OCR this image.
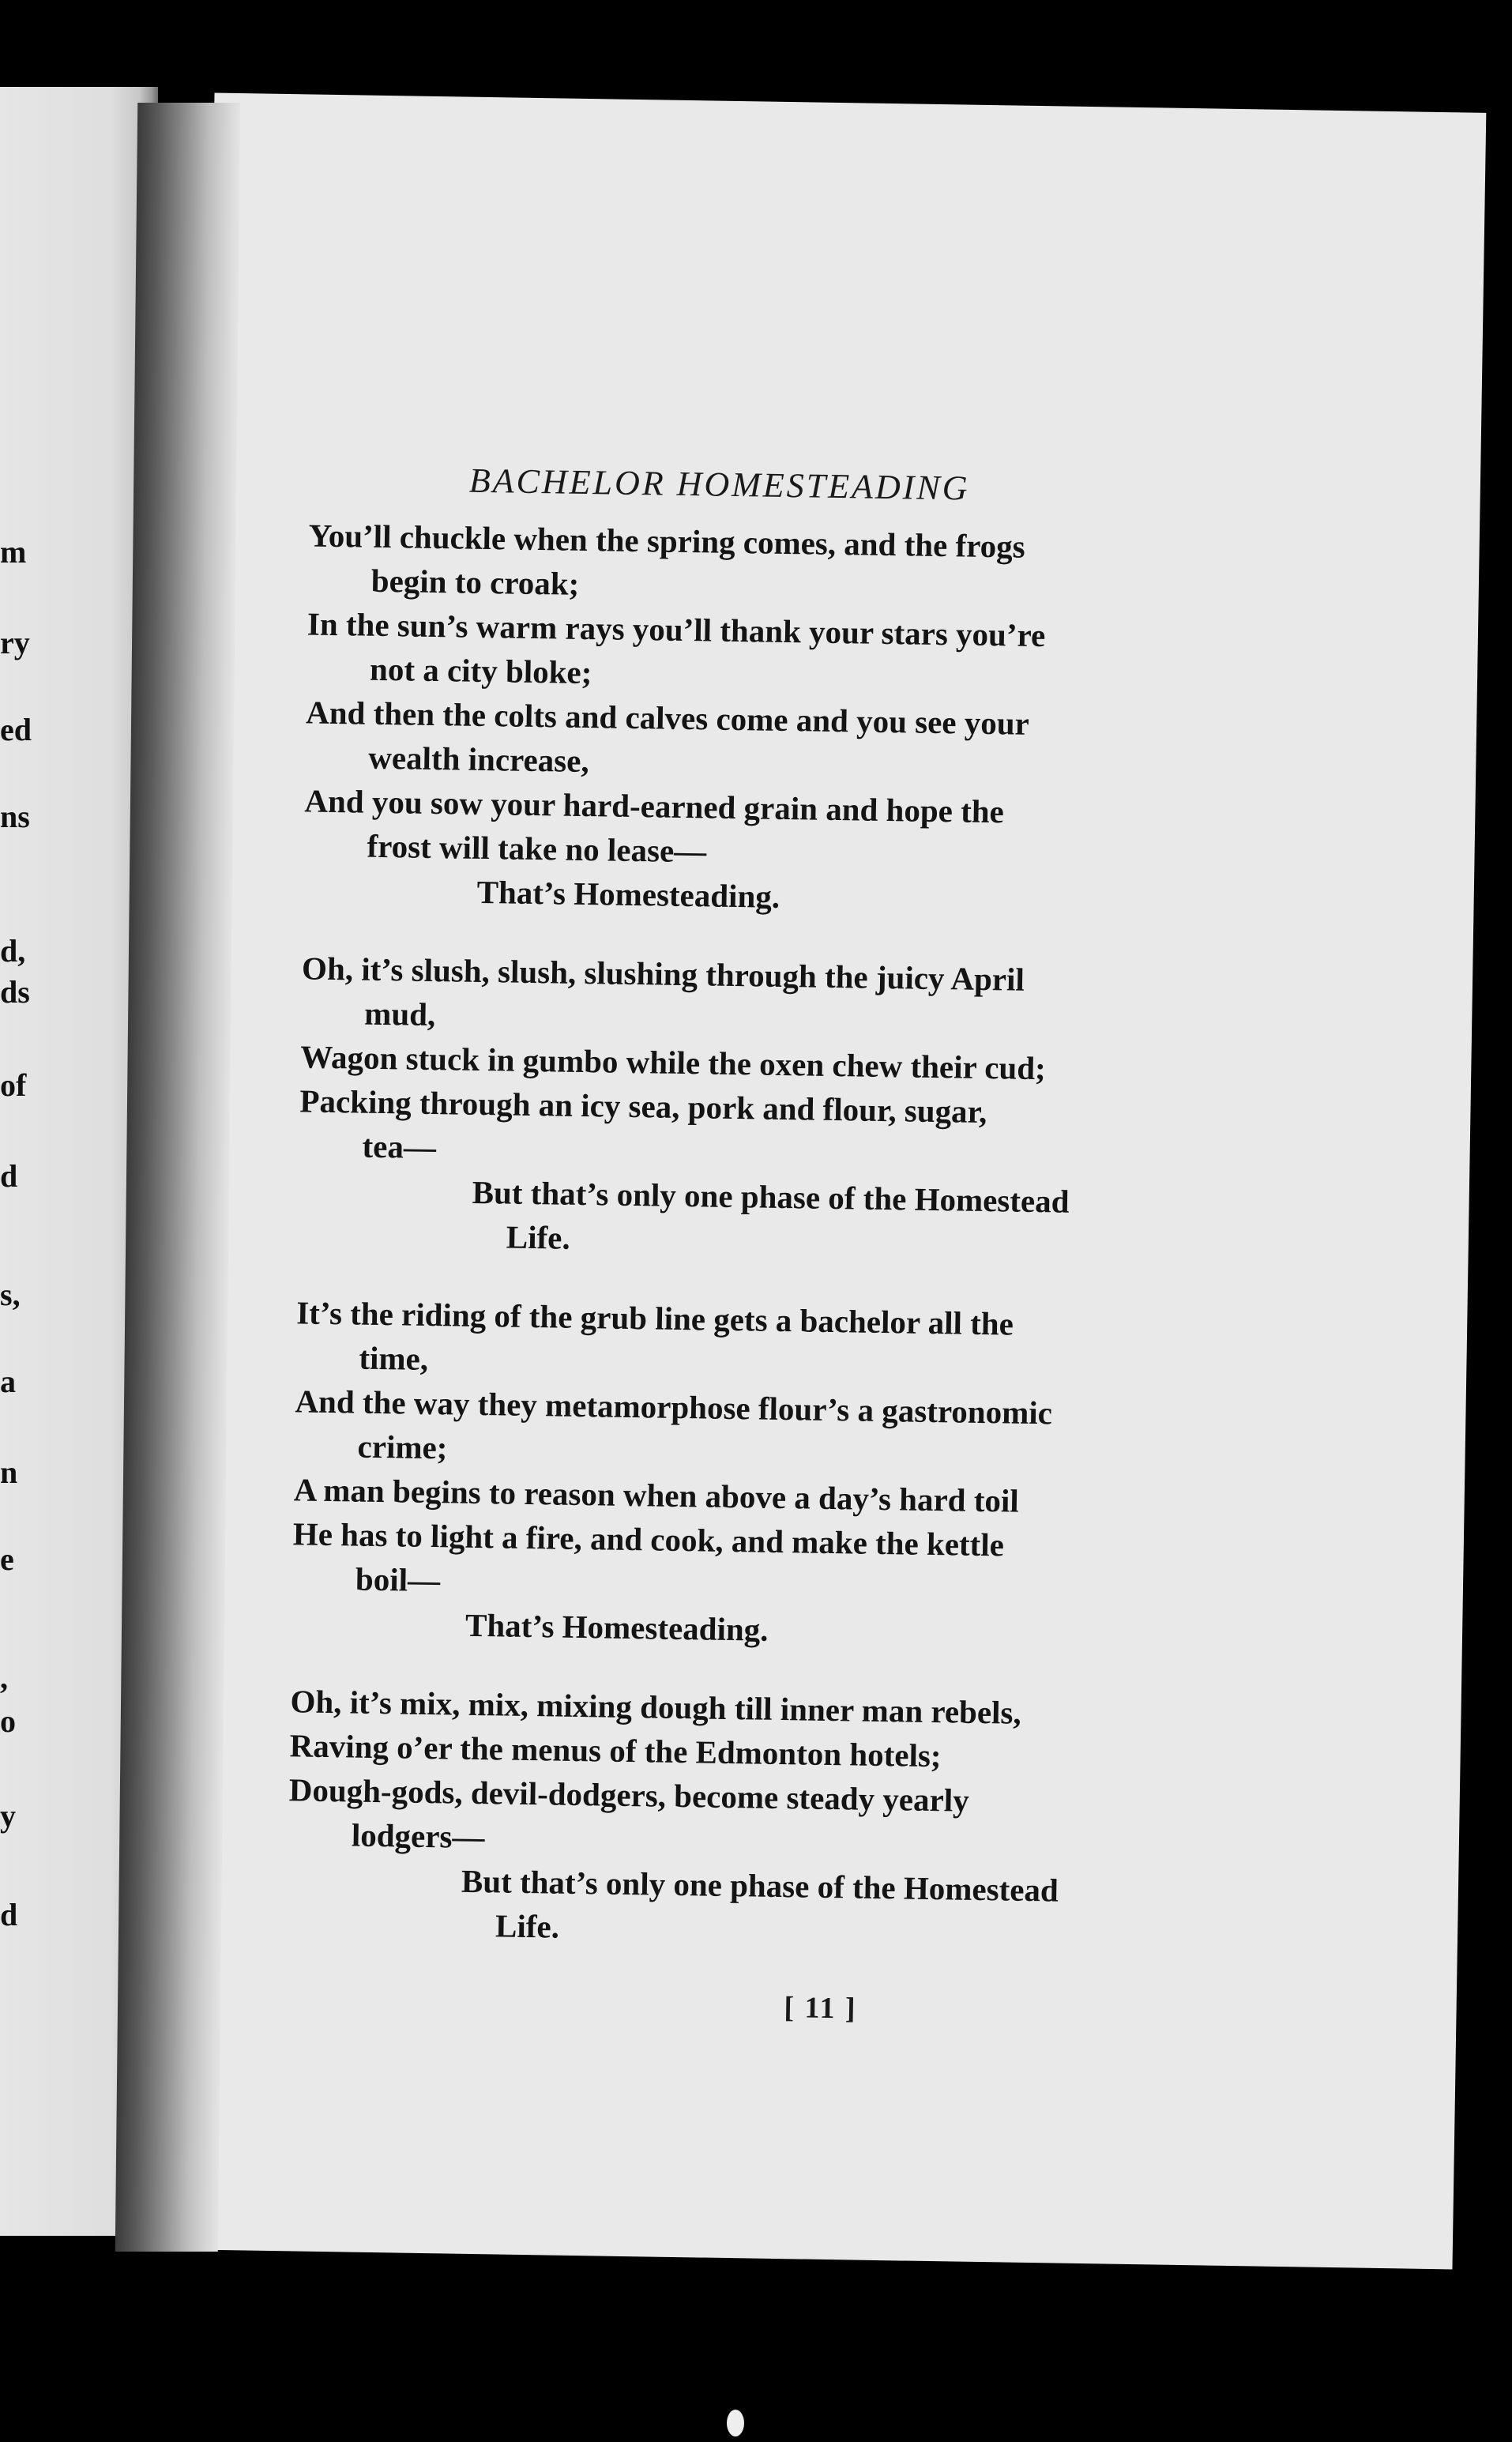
m
ry
ed
ns
d,
ds
of
d
s,
a
n
e
,
o
y
d
BACHELOR HOMESTEADING
You’ll chuckle when the spring comes, and the frogs
begin to croak;
In the sun’s warm rays you’ll thank your stars you’re
not a city bloke;
And then the colts and calves come and you see your
wealth increase,
And you sow your hard-earned grain and hope the
frost will take no lease—
That’s Homesteading.
Oh, it’s slush, slush, slushing through the juicy April
mud,
Wagon stuck in gumbo while the oxen chew their cud;
Packing through an icy sea, pork and flour, sugar,
tea—
But that’s only one phase of the Homestead
Life.
It’s the riding of the grub line gets a bachelor all the
time,
And the way they metamorphose flour’s a gastronomic
crime;
A man begins to reason when above a day’s hard toil
He has to light a fire, and cook, and make the kettle
boil—
That’s Homesteading.
Oh, it’s mix, mix, mixing dough till inner man rebels,
Raving o’er the menus of the Edmonton hotels;
Dough-gods, devil-dodgers, become steady yearly
lodgers—
But that’s only one phase of the Homestead
Life.
[ 11 ]
